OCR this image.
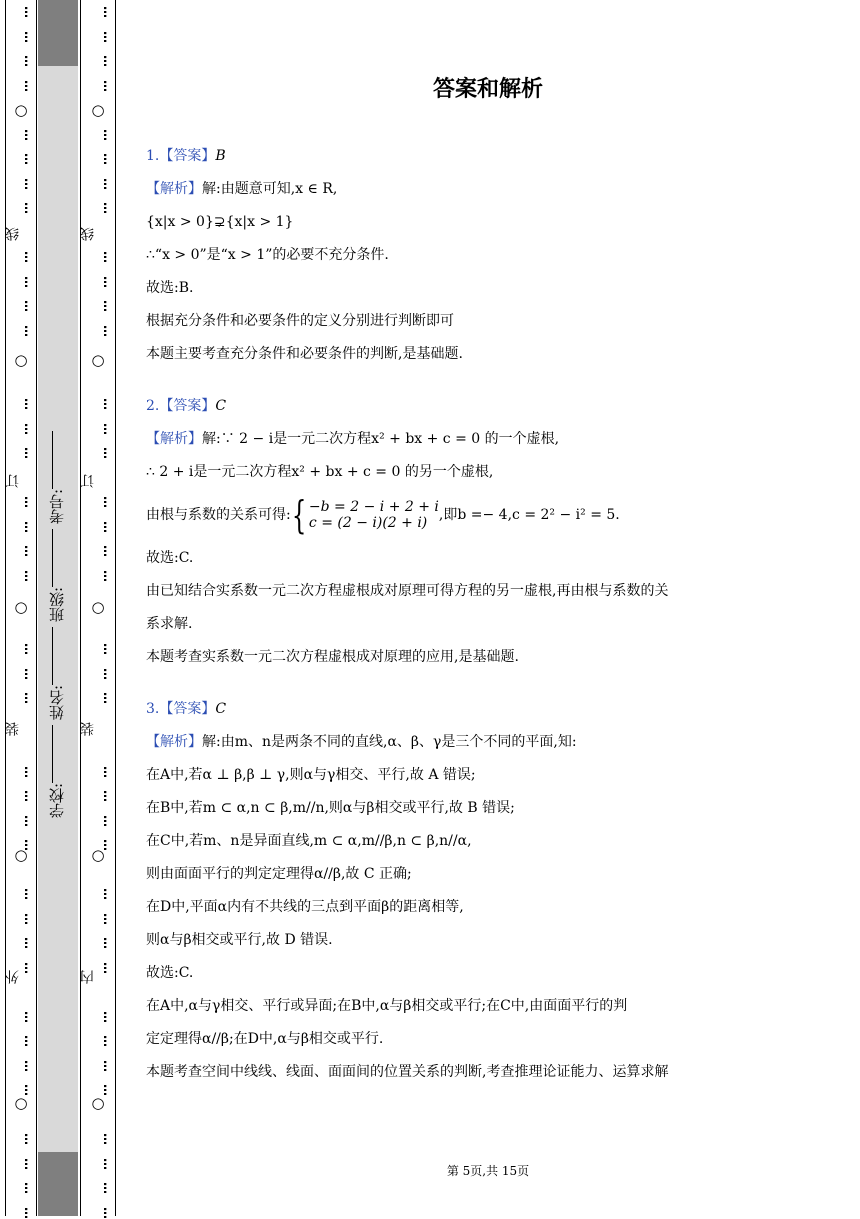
…
…
…
…
…
…
…
…
…
…
…
…
…
…
…
…
…
…
…
…
…
…
…
…
…
…
…
…
…
…
…
…
…
…
…
…
…
…
○
○
○
○
○
线
订
装
外
学校: 姓名: 班级: 考号:
…
…
…
…
…
…
…
…
…
…
…
…
…
…
…
…
…
…
…
…
…
…
…
…
…
…
…
…
…
…
…
…
…
…
…
…
…
…
○
○
○
○
○
线
订
装
内
答案和解析
1.【答案】B
【解析】解:由题意可知,x ∈ R,
{x|x > 0}⊋{x|x > 1}
∴“x > 0”是“x > 1”的必要不充分条件.
故选:B.
根据充分条件和必要条件的定义分别进行判断即可
本题主要考查充分条件和必要条件的判断,是基础题.
2.【答案】C
【解析】解:∵ 2 − i是一元二次方程x² + bx + c = 0 的一个虚根,
∴ 2 + i是一元二次方程x² + bx + c = 0 的另一个虚根,
由根与系数的关系可得: { −b = 2 − i + 2 + i
c = (2 − i)(2 + i) ,即b =− 4,c = 2² − i² = 5.
故选:C.
由已知结合实系数一元二次方程虚根成对原理可得方程的另一虚根,再由根与系数的关
系求解.
本题考查实系数一元二次方程虚根成对原理的应用,是基础题.
3.【答案】C
【解析】解:由m、n是两条不同的直线,α、β、γ是三个不同的平面,知:
在A中,若α ⊥ β,β ⊥ γ,则α与γ相交、平行,故 A 错误;
在B中,若m ⊂ α,n ⊂ β,m//n,则α与β相交或平行,故 B 错误;
在C中,若m、n是异面直线,m ⊂ α,m//β,n ⊂ β,n//α,
则由面面平行的判定定理得α//β,故 C 正确;
在D中,平面α内有不共线的三点到平面β的距离相等,
则α与β相交或平行,故 D 错误.
故选:C.
在A中,α与γ相交、平行或异面;在B中,α与β相交或平行;在C中,由面面平行的判
定定理得α//β;在D中,α与β相交或平行.
本题考查空间中线线、线面、面面间的位置关系的判断,考查推理论证能力、运算求解
第 5页,共 15页
